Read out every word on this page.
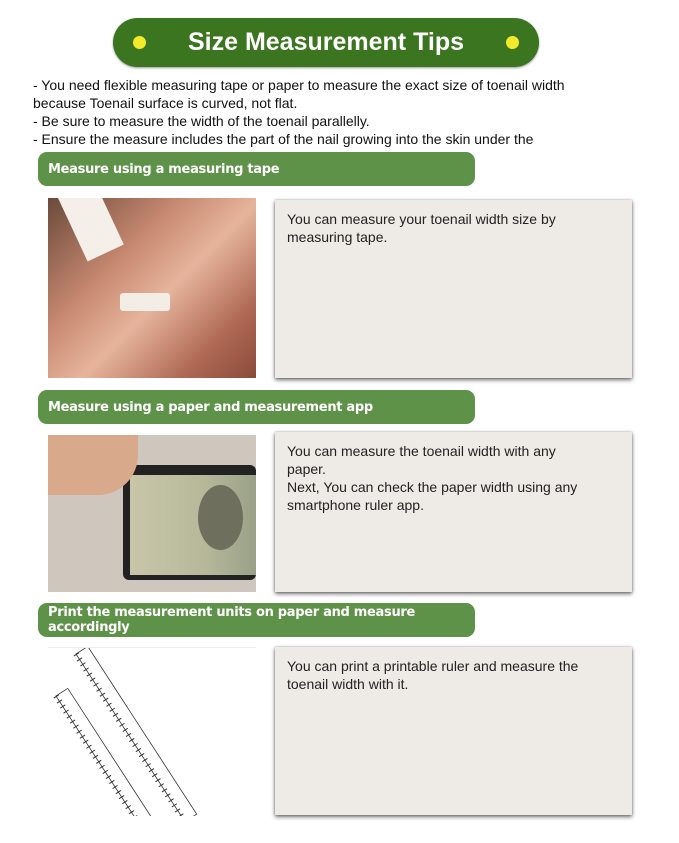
Size Measurement Tips
- You need flexible measuring tape or paper to measure the exact size of toenail width
because Toenail surface is curved, not flat.
- Be sure to measure the width of the toenail parallelly.
- Ensure the measure includes the part of the nail growing into the skin under the
Measure using a measuring tape
You can measure your toenail width size by
measuring tape.
Measure using a paper and measurement app
You can measure the toenail width with any
paper.
Next, You can check the paper width using any
smartphone ruler app.
Print the measurement units on paper and measure accordingly
You can print a printable ruler and measure the
toenail width with it.
